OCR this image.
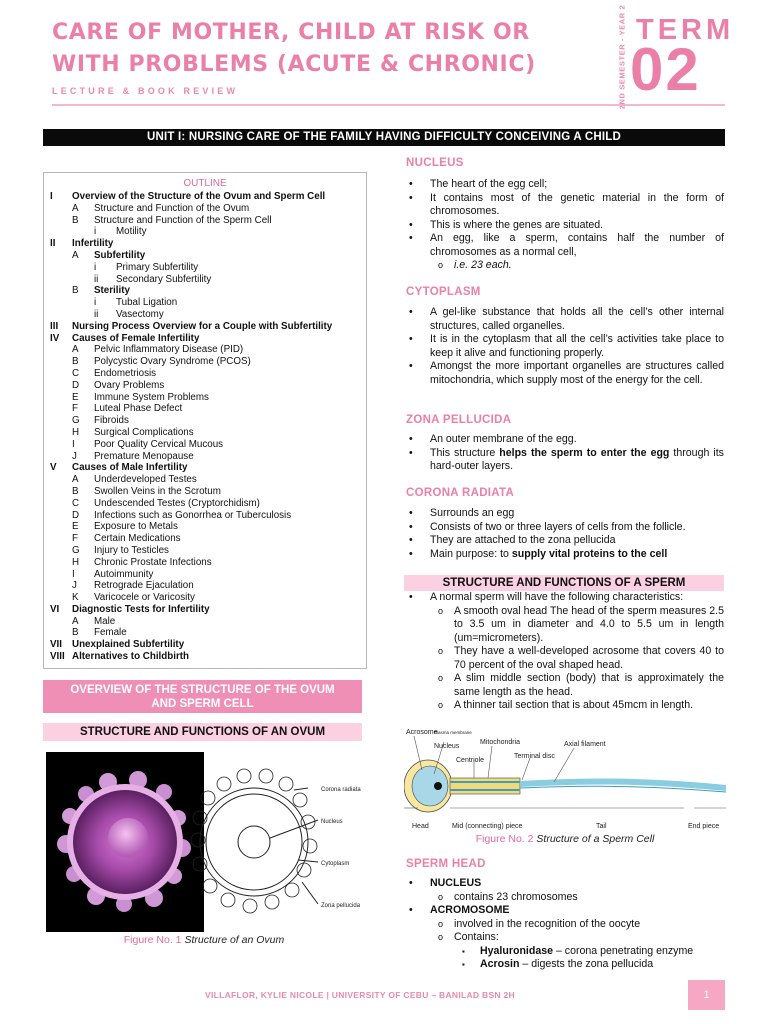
CARE OF MOTHER, CHILD AT RISK OR
WITH PROBLEMS (ACUTE & CHRONIC)
LECTURE & BOOK REVIEW	2ND SEMESTER - YEAR 2 TERM
02
UNIT I: NURSING CARE OF THE FAMILY HAVING DIFFICULTY CONCEIVING A CHILD
OUTLINE
I	Overview of the Structure of the Ovum and Sperm Cell
A	Structure and Function of the Ovum
B	Structure and Function of the Sperm Cell
i	Motility
II	Infertility
A	Subfertility
i	Primary Subfertility
ii	Secondary Subfertility
B	Sterility
i	Tubal Ligation
ii	Vasectomy
III	Nursing Process Overview for a Couple with Subfertility
IV	Causes of Female Infertility
A	Pelvic Inflammatory Disease (PID)
B	Polycystic Ovary Syndrome (PCOS)
C	Endometriosis
D	Ovary Problems
E	Immune System Problems
F	Luteal Phase Defect
G	Fibroids
H	Surgical Complications
I	Poor Quality Cervical Mucous
J	Premature Menopause
V	Causes of Male Infertility
A	Underdeveloped Testes
B	Swollen Veins in the Scrotum
C	Undescended Testes (Cryptorchidism)
D	Infections such as Gonorrhea or Tuberculosis
E	Exposure to Metals
F	Certain Medications
G	Injury to Testicles
H	Chronic Prostate Infections
I	Autoimmunity
J	Retrograde Ejaculation
K	Varicocele or Varicosity
VI	Diagnostic Tests for Infertility
A	Male
B	Female
VII	Unexplained Subfertility
VIII Alternatives to Childbirth
OVERVIEW OF THE STRUCTURE OF THE OVUM
AND SPERM CELL
STRUCTURE AND FUNCTIONS OF AN OVUM
Corona radiata
Nucleus
Cytoplasm
Zona pellucida
Figure No. 1 Structure of an Ovum
NUCLEUS
•	The heart of the egg cell;
•	It contains most of the genetic material in the form of chromosomes.
•	This is where the genes are situated.
•	An egg, like a sperm, contains half the number of chromosomes as a normal cell,
o	i.e. 23 each.
CYTOPLASM
•	A gel-like substance that holds all the cell’s other internal structures, called organelles.
•	It is in the cytoplasm that all the cell’s activities take place to keep it alive and functioning properly.
•	Amongst the more important organelles are structures called mitochondria, which supply most of the energy for the cell.
ZONA PELLUCIDA
•	An outer membrane of the egg.
•	This structure helps the sperm to enter the egg through its hard-outer layers.
CORONA RADIATA
•	Surrounds an egg
•	Consists of two or three layers of cells from the follicle.
•	They are attached to the zona pellucida
•	Main purpose: to supply vital proteins to the cell
STRUCTURE AND FUNCTIONS OF A SPERM
•	A normal sperm will have the following characteristics:
o	A smooth oval head The head of the sperm measures 2.5 to 3.5 um in diameter and 4.0 to 5.5 um in length (um=micrometers).
o	They have a well-developed acrosome that covers 40 to 70 percent of the oval shaped head.
o	A slim middle section (body) that is approximately the same length as the head.
o	A thinner tail section that is about 45mcm in length.
Acrosome
Plasma membrane
Nucleus
Centriole
Mitochondria
Terminal disc
Axial filament
Head	Mid (connecting) piece	Tail	End piece
Figure No. 2 Structure of a Sperm Cell
SPERM HEAD
•	NUCLEUS
o	contains 23 chromosomes
•	ACROMOSOME
o	involved in the recognition of the oocyte
o	Contains:
▪	Hyaluronidase – corona penetrating enzyme
▪	Acrosin – digests the zona pellucida
VILLAFLOR, KYLIE NICOLE | UNIVERSITY OF CEBU – BANILAD BSN 2H	1
